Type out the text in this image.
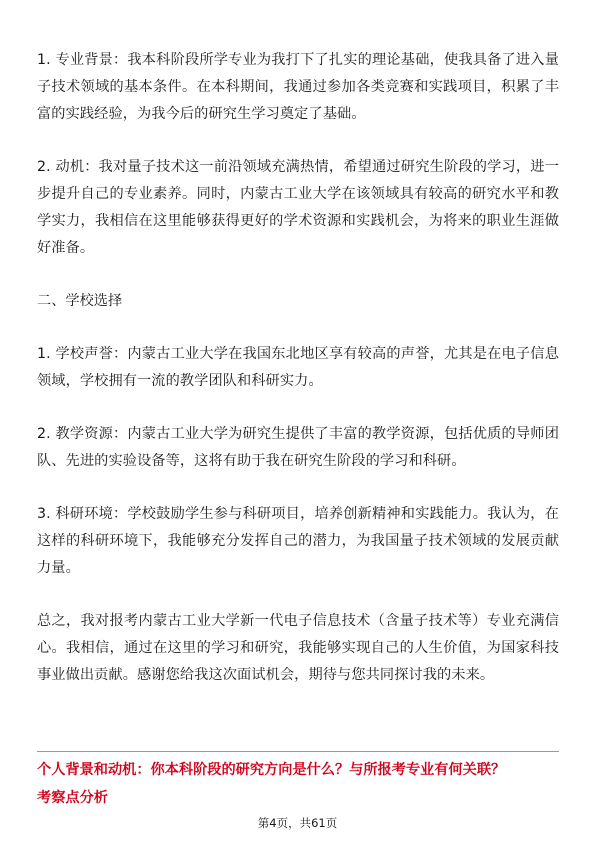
1. 专业背景：我本科阶段所学专业为我打下了扎实的理论基础，使我具备了进入量子技术领域的基本条件。在本科期间，我通过参加各类竞赛和实践项目，积累了丰富的实践经验，为我今后的研究生学习奠定了基础。

2. 动机：我对量子技术这一前沿领域充满热情，希望通过研究生阶段的学习，进一步提升自己的专业素养。同时，内蒙古工业大学在该领域具有较高的研究水平和教学实力，我相信在这里能够获得更好的学术资源和实践机会，为将来的职业生涯做好准备。

二、学校选择

1. 学校声誉：内蒙古工业大学在我国东北地区享有较高的声誉，尤其是在电子信息领域，学校拥有一流的教学团队和科研实力。

2. 教学资源：内蒙古工业大学为研究生提供了丰富的教学资源，包括优质的导师团队、先进的实验设备等，这将有助于我在研究生阶段的学习和科研。

3. 科研环境：学校鼓励学生参与科研项目，培养创新精神和实践能力。我认为，在这样的科研环境下，我能够充分发挥自己的潜力，为我国量子技术领域的发展贡献力量。

总之，我对报考内蒙古工业大学新一代电子信息技术（含量子技术等）专业充满信心。我相信，通过在这里的学习和研究，我能够实现自己的人生价值，为国家科技事业做出贡献。感谢您给我这次面试机会，期待与您共同探讨我的未来。

个人背景和动机：你本科阶段的研究方向是什么？与所报考专业有何关联？
考察点分析
第4页，共61页
